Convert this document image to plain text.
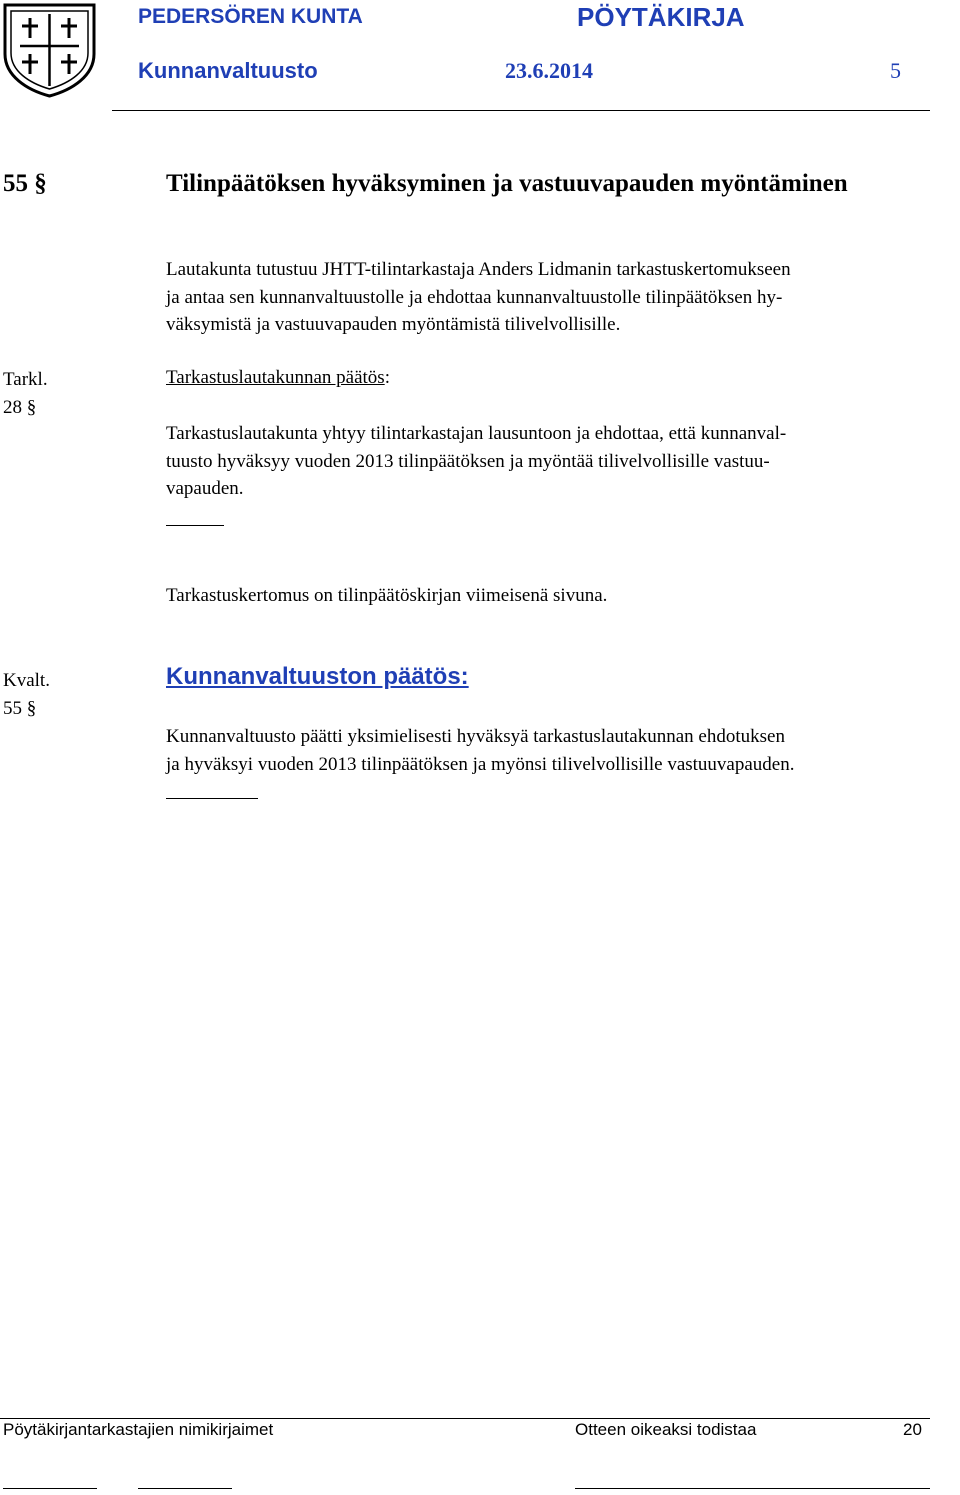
PEDERSÖREN KUNTA	PÖYTÄKIRJA
Kunnanvaltuusto	23.6.2014	5
55 §	Tilinpäätöksen hyväksyminen ja vastuuvapauden myöntäminen
Lautakunta tutustuu JHTT-tilintarkastaja Anders Lidmanin tarkastuskertomukseen
ja antaa sen kunnanvaltuustolle ja ehdottaa kunnanvaltuustolle tilinpäätöksen hy-
väksymistä ja vastuuvapauden myöntämistä tilivelvollisille.
Tarkl.
28 §
Tarkastuslautakunnan päätös:
Tarkastuslautakunta yhtyy tilintarkastajan lausuntoon ja ehdottaa, että kunnanval-
tuusto hyväksyy vuoden 2013 tilinpäätöksen ja myöntää tilivelvollisille vastuu-
vapauden.
Tarkastuskertomus on tilinpäätöskirjan viimeisenä sivuna.
Kvalt.
55 §
Kunnanvaltuuston päätös:
Kunnanvaltuusto päätti yksimielisesti hyväksyä tarkastuslautakunnan ehdotuksen
ja hyväksyi vuoden 2013 tilinpäätöksen ja myönsi tilivelvollisille vastuuvapauden.
Pöytäkirjantarkastajien nimikirjaimet	Otteen oikeaksi todistaa	20
